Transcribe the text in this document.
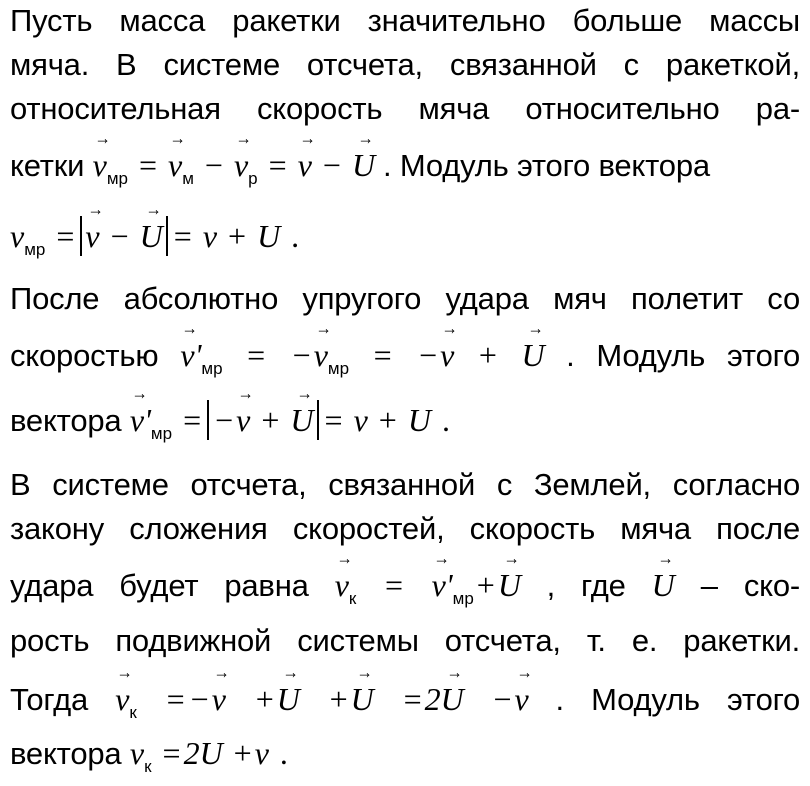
Пусть масса ракетки значительно больше массы
мяча. В системе отсчета, связанной с ракеткой,
относительная скорость мяча относительно ра-
кетки → $v_{мр}$ = → $v_м$ − → $v_р$ = → v − → U . Модуль этого вектора
$v_{мр} =\to v$ − → U = v + U .
После абсолютно упругого удара мяч полетит со
скоростью → $v'_{мр}$ = −→ $v_{мр}$ = −→ v + → U . Модуль этого
вектора → $v'_{мр}$ = −→ v + → U = v + U .
В системе отсчета, связанной с Землей, согласно
закону сложения скоростей, скорость мяча после
удара будет равна → $v_к$ = → $v'_{мр}+\to U$ , где → U – ско-
рость подвижной системы отсчета, т. е. ракетки.
Тогда → $v_к$ = −→ v +→ U +→ U =2→ U −→ v . Модуль этого
вектора $v_к =2U +v$ .
